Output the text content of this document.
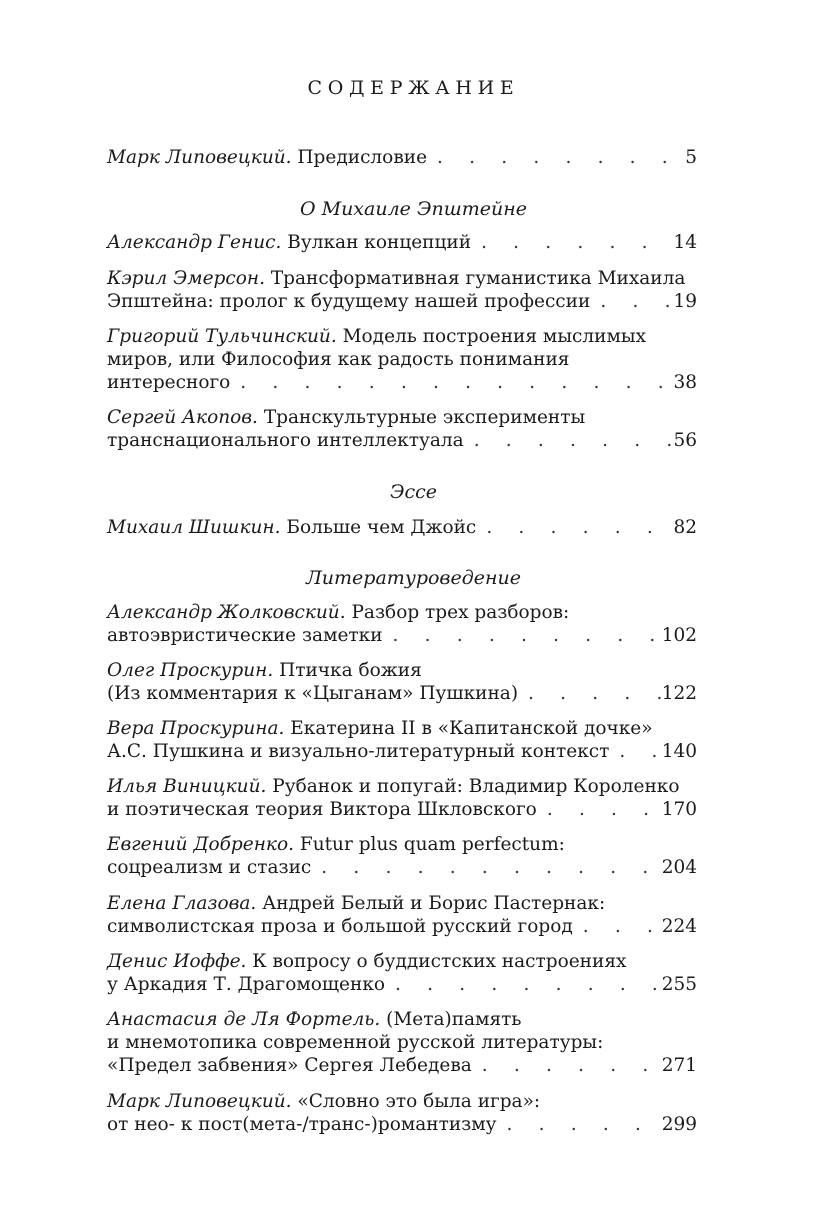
СОДЕРЖАНИЕ
Марк Липовецкий. Предисловие . . .	5
О Михаиле Эпштейне
Александр Генис. Вулкан концепций . . .	14
Кэрил Эмерсон. Трансформативная гуманистика Михаила
Эпштейна: пролог к будущему нашей профессии . . .	19
Григорий Тульчинский. Модель построения мыслимых
миров, или Философия как радость понимания
интересного . . .	38
Сергей Акопов. Транскультурные эксперименты
транснационального интеллектуала . . .	56
Эссе
Михаил Шишкин. Больше чем Джойс . . .	82
Литературоведение
Александр Жолковский. Разбор трех разборов:
автоэвристические заметки . . .	102
Олег Проскурин. Птичка божия
(Из комментария к «Цыганам» Пушкина) . . .	122
Вера Проскурина. Екатерина II в «Капитанской дочке»
А.С. Пушкина и визуально-литературный контекст . . .	140
Илья Виницкий. Рубанок и попугай: Владимир Короленко
и поэтическая теория Виктора Шкловского . . .	170
Евгений Добренко. Futur plus quam perfectum:
соцреализм и стазис . . .	204
Елена Глазова. Андрей Белый и Борис Пастернак:
символистская проза и большой русский город . . .	224
Денис Иоффе. К вопросу о буддистских настроениях
у Аркадия Т. Драгомощенко . . .	255
Анастасия де Ля Фортель. (Мета)память
и мнемотопика современной русской литературы:
«Предел забвения» Сергея Лебедева . . .	271
Марк Липовецкий. «Словно это была игра»:
от нео- к пост(мета-/транс-)романтизму . . .	299
